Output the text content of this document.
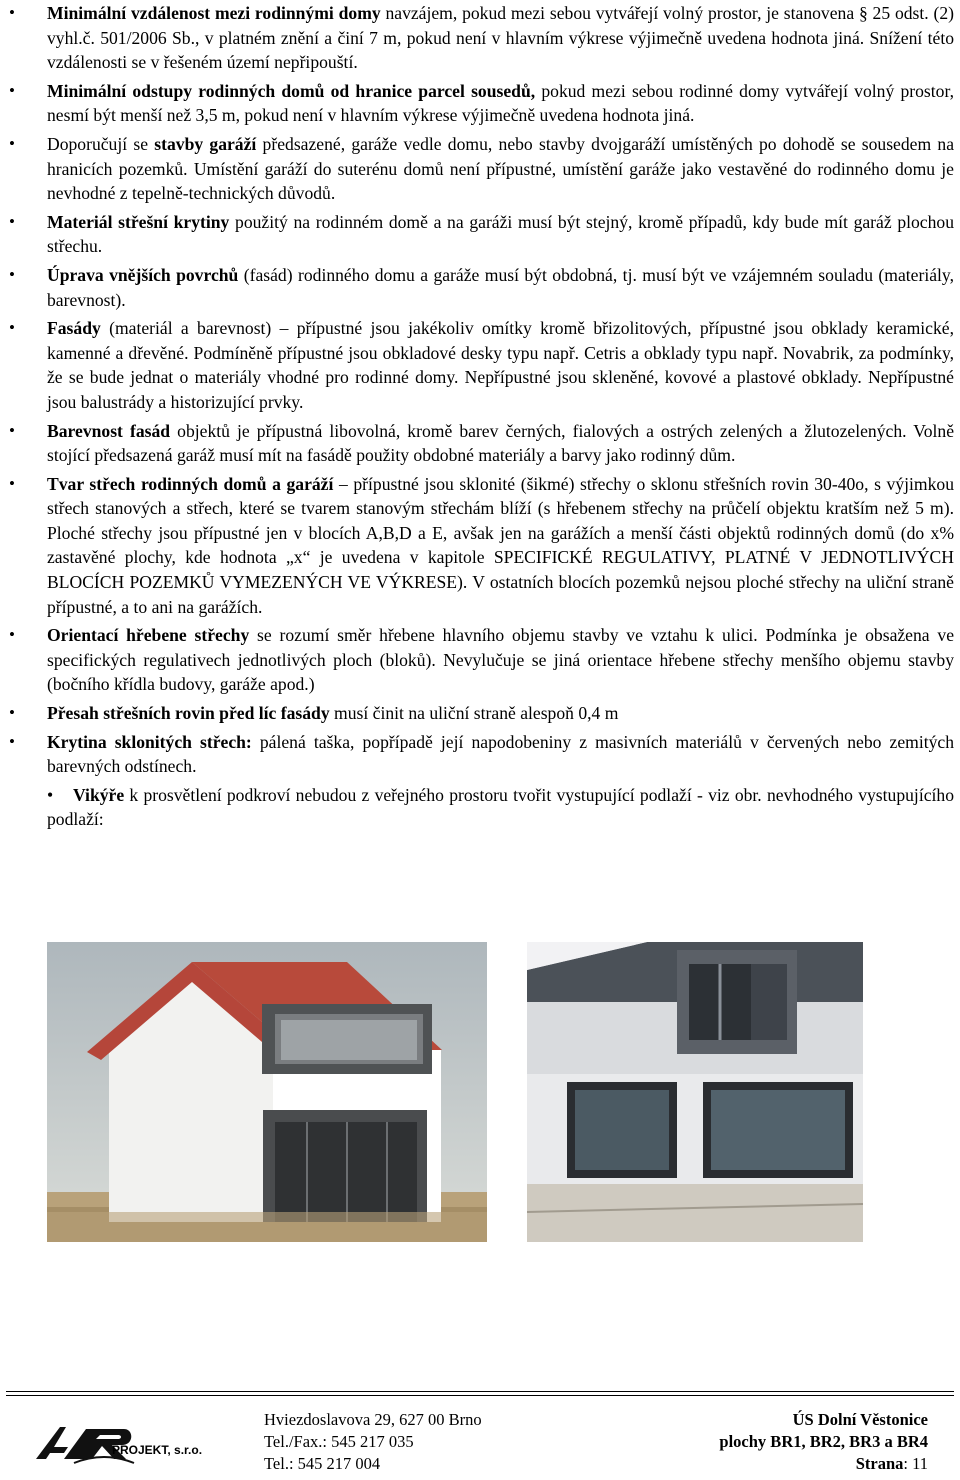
• Minimální vzdálenost mezi rodinnými domy navzájem, pokud mezi sebou vytvářejí volný prostor, je stanovena § 25 odst. (2) vyhl.č. 501/2006 Sb., v platném znění a činí 7 m, pokud není v hlavním výkrese výjimečně uvedena hodnota jiná. Snížení této vzdálenosti se v řešeném území nepřipouští.
• Minimální odstupy rodinných domů od hranice parcel sousedů, pokud mezi sebou rodinné domy vytvářejí volný prostor, nesmí být menší než 3,5 m, pokud není v hlavním výkrese výjimečně uvedena hodnota jiná.
• Doporučují se stavby garáží předsazené, garáže vedle domu, nebo stavby dvojgaráží umístěných po dohodě se sousedem na hranicích pozemků. Umístění garáží do suterénu domů není přípustné, umístění garáže jako vestavěné do rodinného domu je nevhodné z tepelně-technických důvodů.
• Materiál střešní krytiny použitý na rodinném domě a na garáži musí být stejný, kromě případů, kdy bude mít garáž plochou střechu.
• Úprava vnějších povrchů (fasád) rodinného domu a garáže musí být obdobná, tj. musí být ve vzájemném souladu (materiály, barevnost).
• Fasády (materiál a barevnost) – přípustné jsou jakékoliv omítky kromě břizolitových, přípustné jsou obklady keramické, kamenné a dřevěné. Podmíněně přípustné jsou obkladové desky typu např. Cetris a obklady typu např. Novabrik, za podmínky, že se bude jednat o materiály vhodné pro rodinné domy. Nepřípustné jsou skleněné, kovové a plastové obklady. Nepřípustné jsou balustrády a historizující prvky.
• Barevnost fasád objektů je přípustná libovolná, kromě barev černých, fialových a ostrých zelených a žlutozelených. Volně stojící předsazená garáž musí mít na fasádě použity obdobné materiály a barvy jako rodinný dům.
• Tvar střech rodinných domů a garáží – přípustné jsou sklonité (šikmé) střechy o sklonu střešních rovin 30-40o, s výjimkou střech stanových a střech, které se tvarem stanovým střechám blíží (s hřebenem střechy na průčelí objektu kratším než 5 m). Ploché střechy jsou přípustné jen v blocích A,B,D a E, avšak jen na garážích a menší části objektů rodinných domů (do x% zastavěné plochy, kde hodnota „x“ je uvedena v kapitole SPECIFICKÉ REGULATIVY, PLATNÉ V JEDNOTLIVÝCH BLOCÍCH POZEMKŮ VYMEZENÝCH VE VÝKRESE). V ostatních blocích pozemků nejsou ploché střechy na uliční straně přípustné, a to ani na garážích.
• Orientací hřebene střechy se rozumí směr hřebene hlavního objemu stavby ve vztahu k ulici. Podmínka je obsažena ve specifických regulativech jednotlivých ploch (bloků). Nevylučuje se jiná orientace hřebene střechy menšího objemu stavby (bočního křídla budovy, garáže apod.)
• Přesah střešních rovin před líc fasády musí činit na uliční straně alespoň 0,4 m
• Krytina sklonitých střech: pálená taška, popřípadě její napodobeniny z masivních materiálů v červených nebo zemitých barevných odstínech.
• Vikýře k prosvětlení podkroví nebudou z veřejného prostoru tvořit vystupující podlaží - viz obr. nevhodného vystupujícího podlaží:
PROJEKT, s.r.o.
Hviezdoslavova 29, 627 00 Brno
Tel./Fax.: 545 217 035
Tel.: 545 217 004
ÚS Dolní Věstonice
plochy BR1, BR2, BR3 a BR4
Strana: 11
